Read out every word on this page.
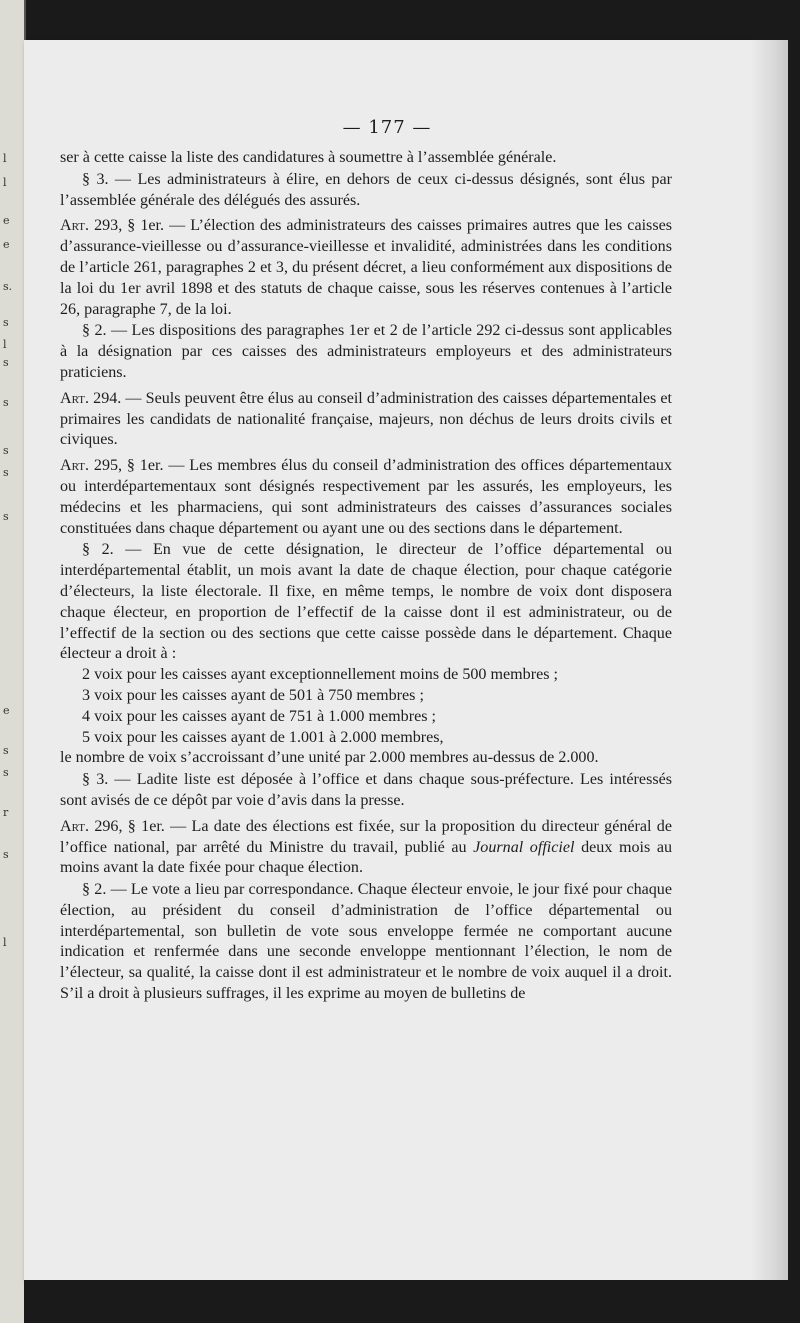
l
l
e
e
s.
s
l
s
s
s
s
s
e
s
s
r
s
l
— 177 —

ser à cette caisse la liste des candidatures à soumettre à l’assemblée générale.

§ 3. — Les administrateurs à élire, en dehors de ceux ci-dessus désignés, sont élus par l’assemblée générale des délégués des assurés.

Art. 293, § 1er. — L’élection des administrateurs des caisses primaires autres que les caisses d’assurance-vieillesse ou d’assurance-vieillesse et invalidité, administrées dans les conditions de l’article 261, paragraphes 2 et 3, du présent décret, a lieu conformément aux dispositions de la loi du 1er avril 1898 et des statuts de chaque caisse, sous les réserves contenues à l’article 26, paragraphe 7, de la loi.

§ 2. — Les dispositions des paragraphes 1er et 2 de l’article 292 ci-dessus sont applicables à la désignation par ces caisses des administrateurs employeurs et des administrateurs praticiens.

Art. 294. — Seuls peuvent être élus au conseil d’administration des caisses départementales et primaires les candidats de nationalité française, majeurs, non déchus de leurs droits civils et civiques.

Art. 295, § 1er. — Les membres élus du conseil d’administration des offices départementaux ou interdépartementaux sont désignés respectivement par les assurés, les employeurs, les médecins et les pharmaciens, qui sont administrateurs des caisses d’assurances sociales constituées dans chaque département ou ayant une ou des sections dans le département.

§ 2. — En vue de cette désignation, le directeur de l’office départemental ou interdépartemental établit, un mois avant la date de chaque élection, pour chaque catégorie d’électeurs, la liste électorale. Il fixe, en même temps, le nombre de voix dont disposera chaque électeur, en proportion de l’effectif de la caisse dont il est administrateur, ou de l’effectif de la section ou des sections que cette caisse possède dans le département. Chaque électeur a droit à :

2 voix pour les caisses ayant exceptionnellement moins de 500 membres ;

3 voix pour les caisses ayant de 501 à 750 membres ;

4 voix pour les caisses ayant de 751 à 1.000 membres ;

5 voix pour les caisses ayant de 1.001 à 2.000 membres,

le nombre de voix s’accroissant d’une unité par 2.000 membres au-dessus de 2.000.

§ 3. — Ladite liste est déposée à l’office et dans chaque sous-préfecture. Les intéressés sont avisés de ce dépôt par voie d’avis dans la presse.

Art. 296, § 1er. — La date des élections est fixée, sur la proposition du directeur général de l’office national, par arrêté du Ministre du travail, publié au Journal officiel deux mois au moins avant la date fixée pour chaque élection.

§ 2. — Le vote a lieu par correspondance. Chaque électeur envoie, le jour fixé pour chaque élection, au président du conseil d’administration de l’office départemental ou interdépartemental, son bulletin de vote sous enveloppe fermée ne comportant aucune indication et renfermée dans une seconde enveloppe mentionnant l’élection, le nom de l’électeur, sa qualité, la caisse dont il est administrateur et le nombre de voix auquel il a droit. S’il a droit à plusieurs suffrages, il les exprime au moyen de bulletins de
